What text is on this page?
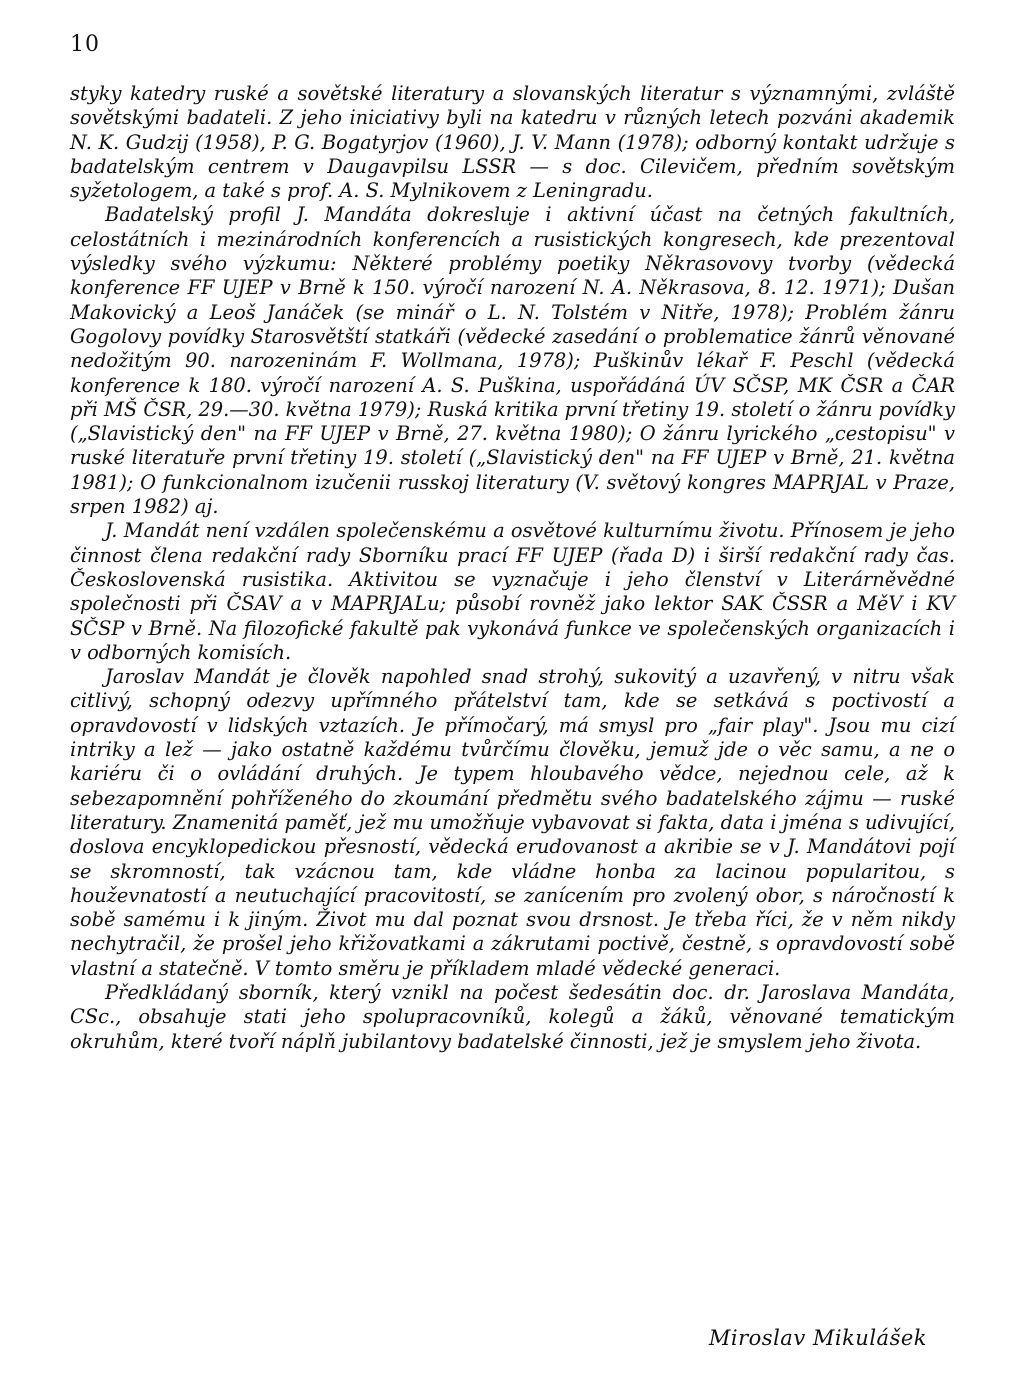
10

styky katedry ruské a sovětské literatury a slovanských literatur s významnými, zvláště sovětskými badateli. Z jeho iniciativy byli na katedru v různých letech pozváni akademik N. K. Gudzij (1958), P. G. Bogatyrjov (1960), J. V. Mann (1978); odborný kontakt udržuje s badatelským centrem v Daugavpilsu LSSR — s doc. Cilevičem, předním sovětským syžetologem, a také s prof. A. S. Mylnikovem z Leningradu.

Badatelský profil J. Mandáta dokresluje i aktivní účast na četných fakultních, celostátních i mezinárodních konferencích a rusistických kongresech, kde prezentoval výsledky svého výzkumu: Některé problémy poetiky Někrasovovy tvorby (vědecká konference FF UJEP v Brně k 150. výročí narození N. A. Někrasova, 8. 12. 1971); Dušan Makovický a Leoš Janáček (se minář o L. N. Tolstém v Nitře, 1978); Problém žánru Gogolovy povídky Starosvětští statkáři (vědecké zasedání o problematice žánrů věnované nedožitým 90. narozeninám F. Wollmana, 1978); Puškinův lékař F. Peschl (vědecká konference k 180. výročí narození A. S. Puškina, uspořádáná ÚV SČSP, MK ČSR a ČAR při MŠ ČSR, 29.—30. května 1979); Ruská kritika první třetiny 19. století o žánru povídky („Slavistický den" na FF UJEP v Brně, 27. května 1980); O žánru lyrického „cestopisu" v ruské literatuře první třetiny 19. století („Slavistický den" na FF UJEP v Brně, 21. května 1981); O funkcionalnom izučenii russkoj literatury (V. světový kongres MAPRJAL v Praze, srpen 1982) aj.

J. Mandát není vzdálen společenskému a osvětové kulturnímu životu. Přínosem je jeho činnost člena redakční rady Sborníku prací FF UJEP (řada D) i širší redakční rady čas. Československá rusistika. Aktivitou se vyznačuje i jeho členství v Literárněvědné společnosti při ČSAV a v MAPRJALu; působí rovněž jako lektor SAK ČSSR a MěV i KV SČSP v Brně. Na filozofické fakultě pak vykonává funkce ve společenských organizacích i v odborných komisích.

Jaroslav Mandát je člověk napohled snad strohý, sukovitý a uzavřený, v nitru však citlivý, schopný odezvy upřímného přátelství tam, kde se setkává s poctivostí a opravdovostí v lidských vztazích. Je přímočarý, má smysl pro „fair play". Jsou mu cizí intriky a lež — jako ostatně každému tvůrčímu člověku, jemuž jde o věc samu, a ne o kariéru či o ovládání druhých. Je typem hloubavého vědce, nejednou cele, až k sebezapomnění pohříženého do zkoumání předmětu svého badatelského zájmu — ruské literatury. Znamenitá paměť, jež mu umožňuje vybavovat si fakta, data i jména s udivující, doslova encyklopedickou přesností, vědecká erudovanost a akribie se v J. Mandátovi pojí se skromností, tak vzácnou tam, kde vládne honba za lacinou popularitou, s houževnatostí a neutuchající pracovitostí, se zanícením pro zvolený obor, s náročností k sobě samému i k jiným. Život mu dal poznat svou drsnost. Je třeba říci, že v něm nikdy nechytračil, že prošel jeho křižovatkami a zákrutami poctivě, čestně, s opravdovostí sobě vlastní a statečně. V tomto směru je příkladem mladé vědecké generaci.

Předkládaný sborník, který vznikl na počest šedesátin doc. dr. Jaroslava Mandáta, CSc., obsahuje stati jeho spolupracovníků, kolegů a žáků, věnované tematickým okruhům, které tvoří náplň jubilantovy badatelské činnosti, jež je smyslem jeho života.

Miroslav Mikulášek
